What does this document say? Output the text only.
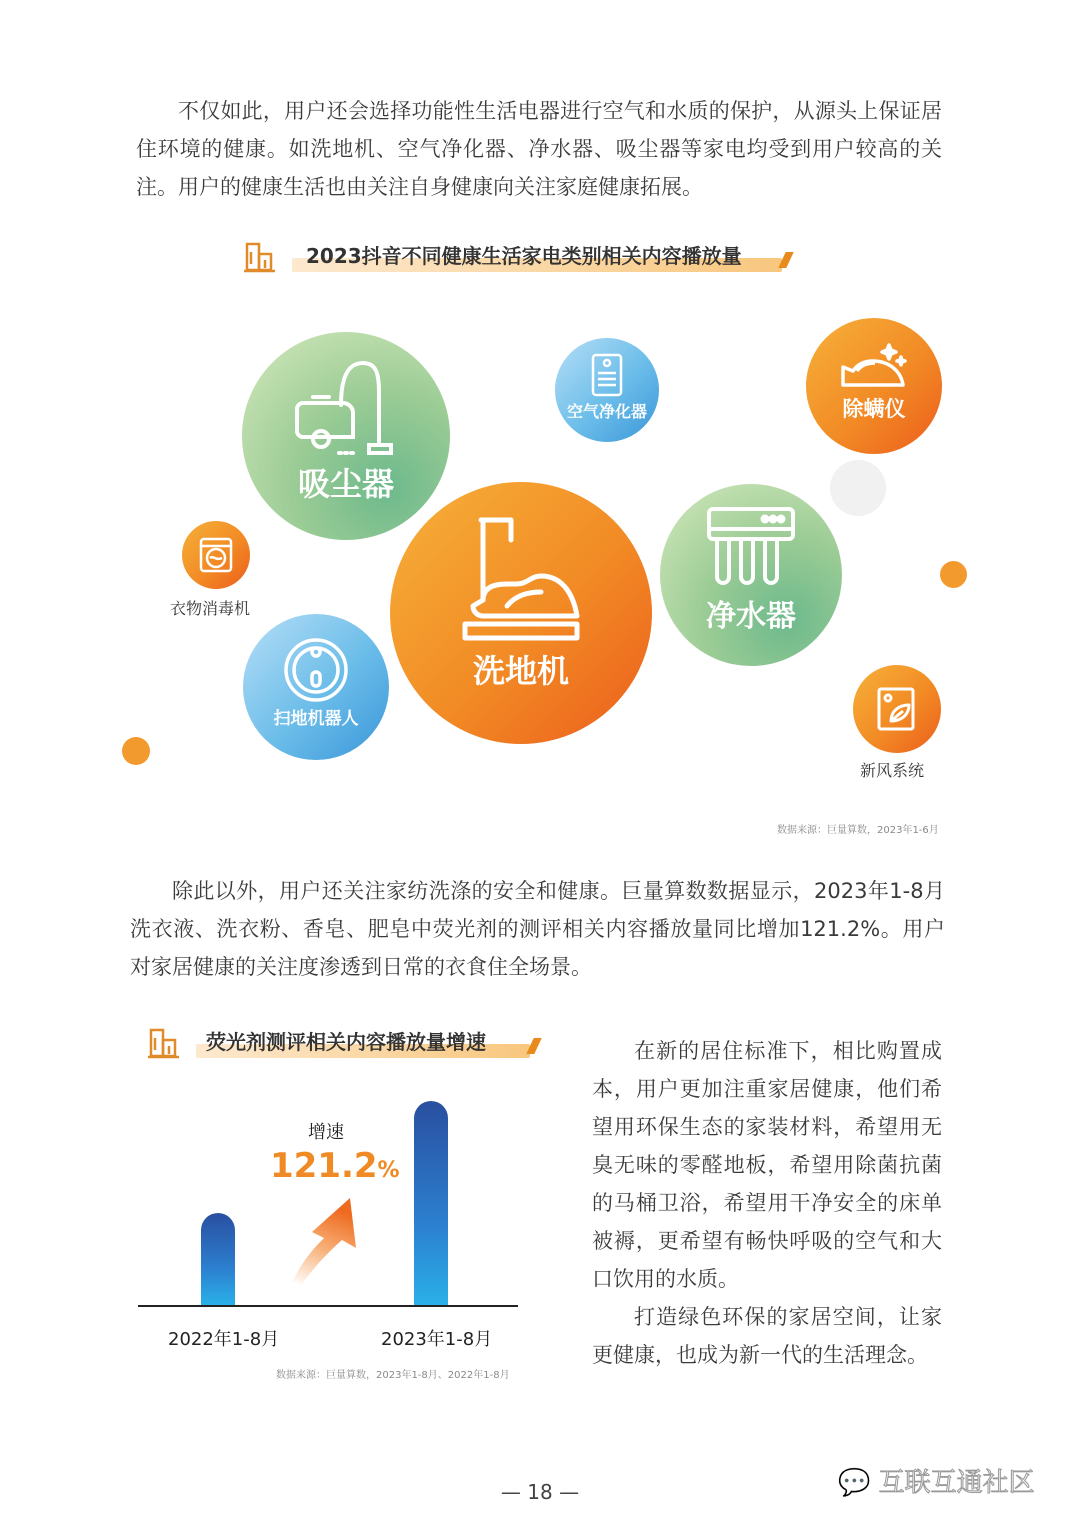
不仅如此，用户还会选择功能性生活电器进行空气和水质的保护，从源头上保证居住环境的健康。如洗地机、空气净化器、净水器、吸尘器等家电均受到用户较高的关注。用户的健康生活也由关注自身健康向关注家庭健康拓展。
2023抖音不同健康生活家电类别相关内容播放量
吸尘器
空气净化器	除螨仪
洗地机
净水器
扫地机器人
衣物消毒机
新风系统
数据来源：巨量算数，2023年1-6月
除此以外，用户还关注家纺洗涤的安全和健康。巨量算数数据显示，2023年1-8月洗衣液、洗衣粉、香皂、肥皂中荧光剂的测评相关内容播放量同比增加121.2%。用户对家居健康的关注度渗透到日常的衣食住全场景。
荧光剂测评相关内容播放量增速
2022年1-8月	2023年1-8月
增速
121.2%
数据来源：巨量算数，2023年1-8月、2022年1-8月
在新的居住标准下，相比购置成本，用户更加注重家居健康，他们希望用环保生态的家装材料，希望用无臭无味的零醛地板，希望用除菌抗菌的马桶卫浴，希望用干净安全的床单被褥，更希望有畅快呼吸的空气和大口饮用的水质。
打造绿色环保的家居空间，让家更健康，也成为新一代的生活理念。
— 18 —	💬 互联互通社区
